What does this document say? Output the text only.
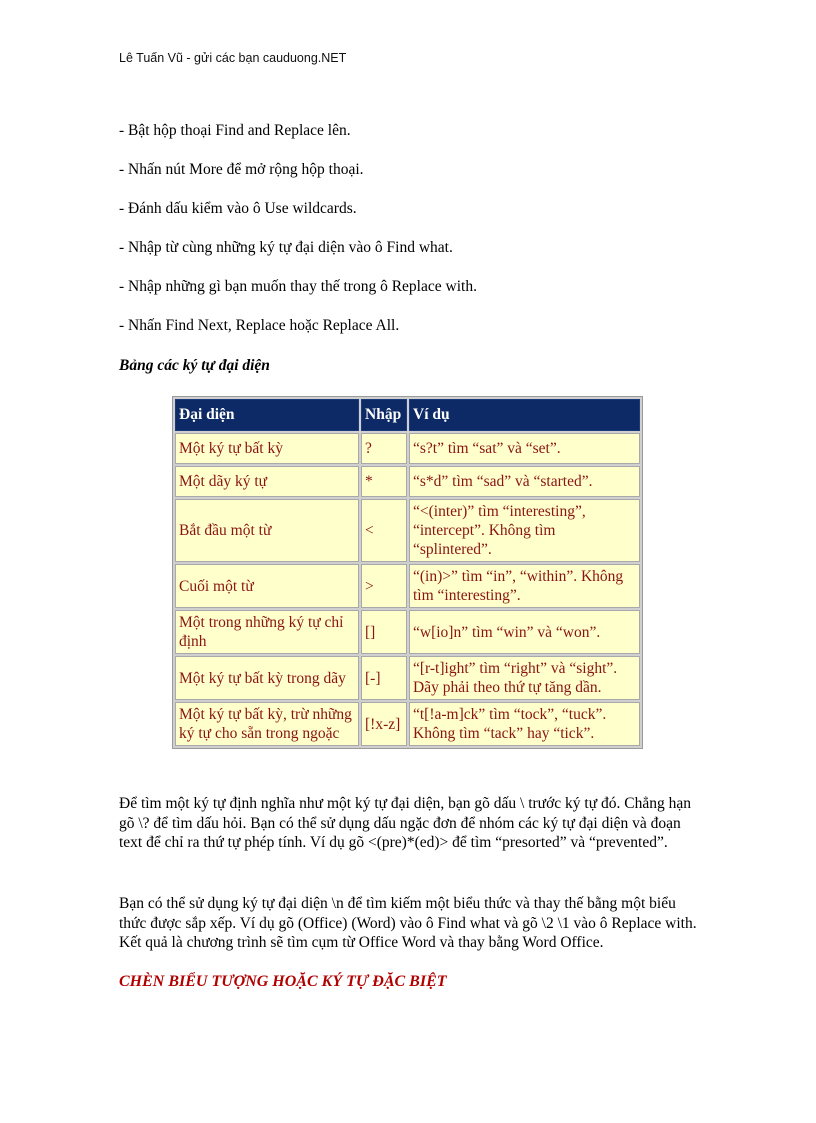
Lê Tuấn Vũ - gửi các bạn cauduong.NET
- Bật hộp thoại Find and Replace lên.
- Nhấn nút More để mở rộng hộp thoại.
- Đánh dấu kiểm vào ô Use wildcards.
- Nhập từ cùng những ký tự đại diện vào ô Find what.
- Nhập những gì bạn muốn thay thế trong ô Replace with.
- Nhấn Find Next, Replace hoặc Replace All.
Bảng các ký tự đại diện
Đại diện	Nhập	Ví dụ
Một ký tự bất kỳ	?	“s?t” tìm “sat” và “set”.
Một dãy ký tự	*	“s*d” tìm “sad” và “started”.
Bắt đầu một từ	<	“<(inter)” tìm “interesting”, “intercept”. Không tìm “splintered”.
Cuối một từ	>	“(in)>” tìm “in”, “within”. Không tìm “interesting”.
Một trong những ký tự chỉ định	[]	“w[io]n” tìm “win” và “won”.
Một ký tự bất kỳ trong dãy	[-]	“[r-t]ight” tìm “right” và “sight”. Dãy phải theo thứ tự tăng dần.
Một ký tự bất kỳ, trừ những ký tự cho sẵn trong ngoặc	[!x-z]	“t[!a-m]ck” tìm “tock”, “tuck”. Không tìm “tack” hay “tick”.

Để tìm một ký tự định nghĩa như một ký tự đại diện, bạn gõ dấu \ trước ký tự đó. Chẳng hạn gõ \? để tìm dấu hỏi. Bạn có thể sử dụng dấu ngặc đơn để nhóm các ký tự đại diện và đoạn text để chỉ ra thứ tự phép tính. Ví dụ gõ <(pre)*(ed)> để tìm “presorted” và “prevented”.

Bạn có thể sử dụng ký tự đại diện \n để tìm kiếm một biểu thức và thay thế bằng một biểu thức được sắp xếp. Ví dụ gõ (Office) (Word) vào ô Find what và gõ \2 \1 vào ô Replace with. Kết quả là chương trình sẽ tìm cụm từ Office Word và thay bằng Word Office.

CHÈN BIỂU TƯỢNG HOẶC KÝ TỰ ĐẶC BIỆT
